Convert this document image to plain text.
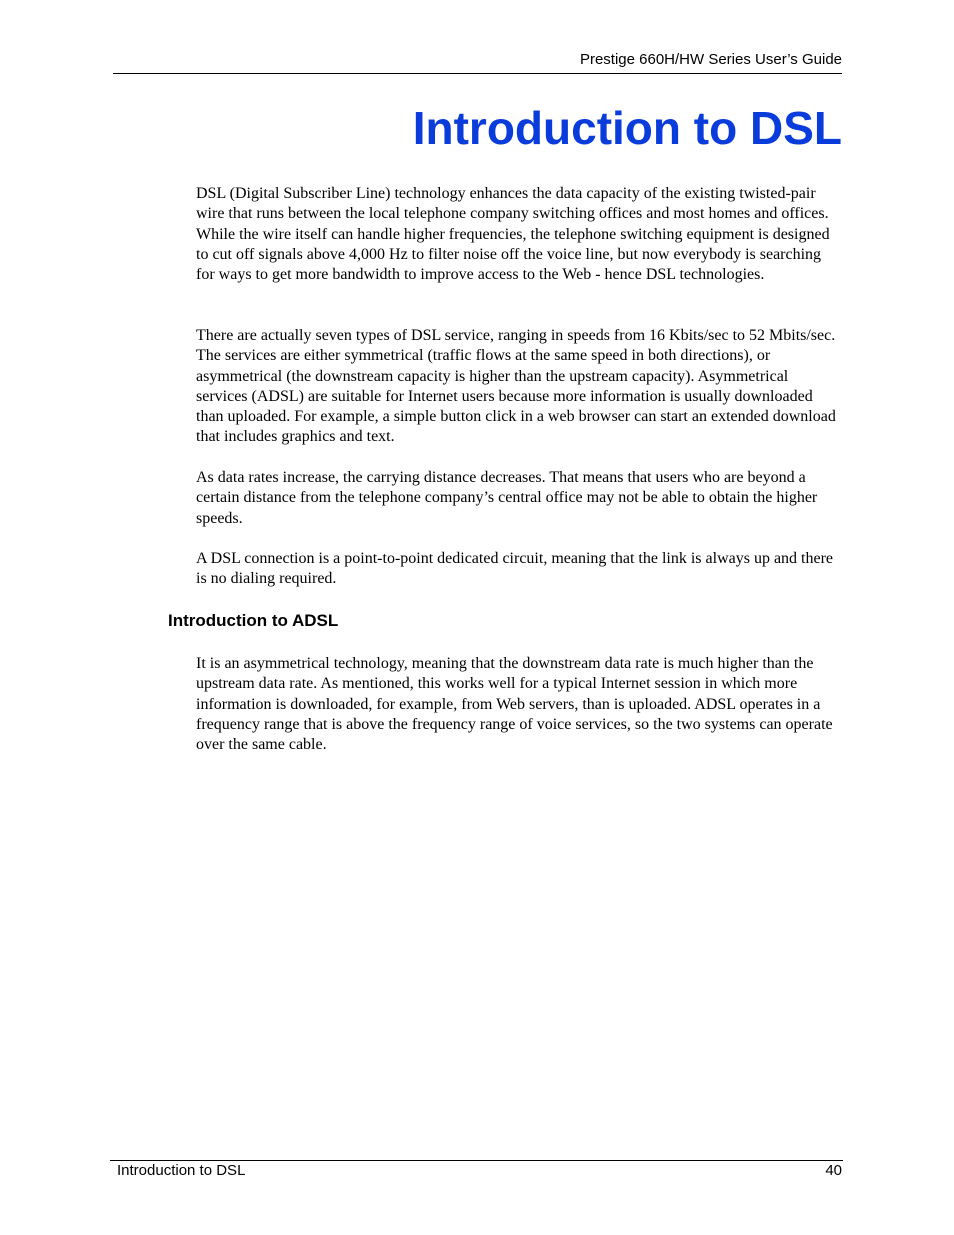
Prestige 660H/HW Series User’s Guide
Introduction to DSL

DSL (Digital Subscriber Line) technology enhances the data capacity of the existing twisted-pair wire that runs between the local telephone company switching offices and most homes and offices. While the wire itself can handle higher frequencies, the telephone switching equipment is designed to cut off signals above 4,000 Hz to filter noise off the voice line, but now everybody is searching for ways to get more bandwidth to improve access to the Web - hence DSL technologies.

There are actually seven types of DSL service, ranging in speeds from 16 Kbits/sec to 52 Mbits/sec. The services are either symmetrical (traffic flows at the same speed in both directions), or asymmetrical (the downstream capacity is higher than the upstream capacity). Asymmetrical services (ADSL) are suitable for Internet users because more information is usually downloaded than uploaded. For example, a simple button click in a web browser can start an extended download that includes graphics and text.

As data rates increase, the carrying distance decreases. That means that users who are beyond a certain distance from the telephone company’s central office may not be able to obtain the higher speeds.

A DSL connection is a point-to-point dedicated circuit, meaning that the link is always up and there is no dialing required.

Introduction to ADSL

It is an asymmetrical technology, meaning that the downstream data rate is much higher than the upstream data rate. As mentioned, this works well for a typical Internet session in which more information is downloaded, for example, from Web servers, than is uploaded. ADSL operates in a frequency range that is above the frequency range of voice services, so the two systems can operate over the same cable.

Introduction to DSL	40
